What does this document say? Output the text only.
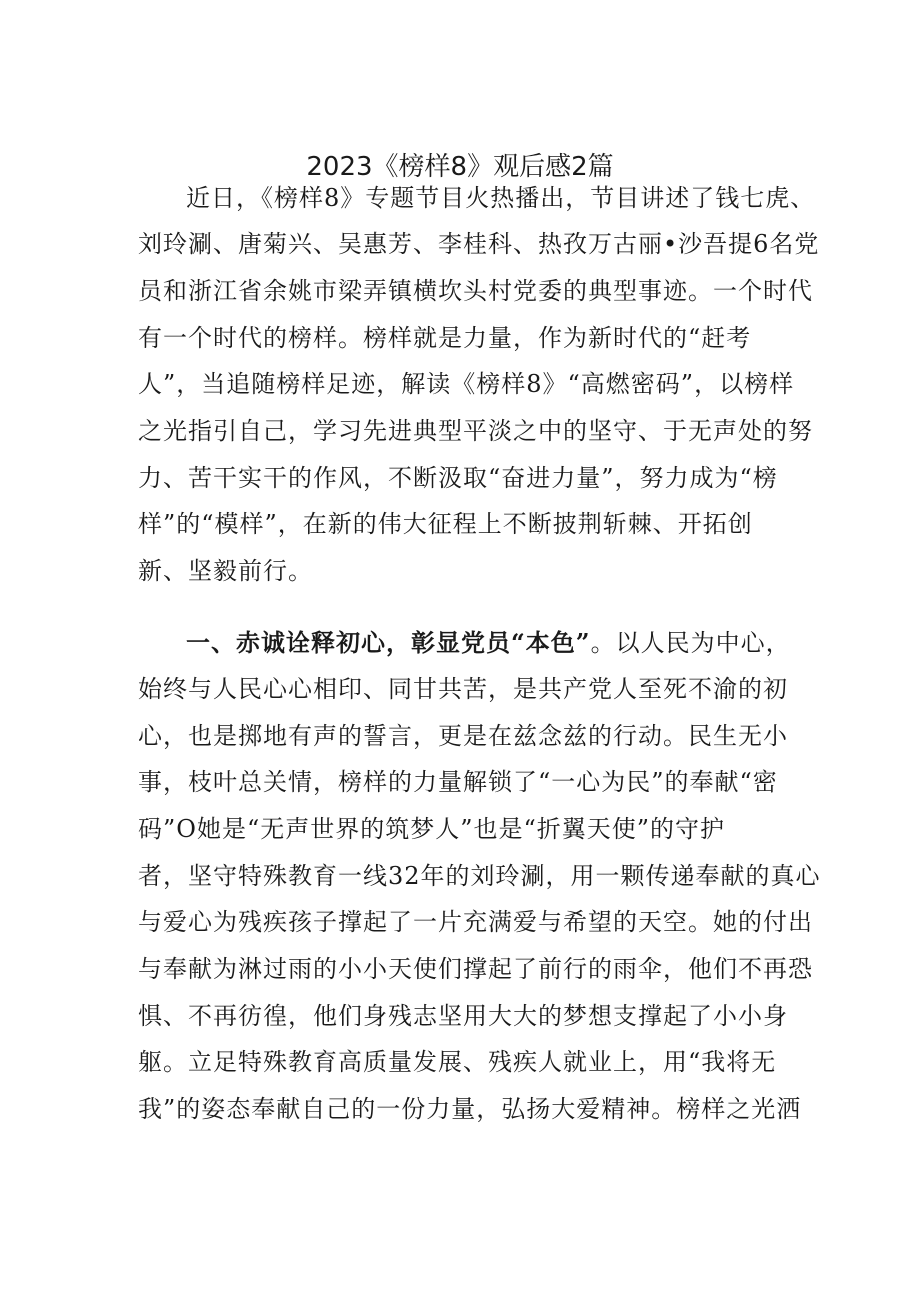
2023《榜样8》观后感2篇
近日，《榜样8》专题节目火热播出，节目讲述了钱七虎、
刘玲涮、唐菊兴、吴惠芳、李桂科、热孜万古丽•沙吾提6名党
员和浙江省余姚市梁弄镇横坎头村党委的典型事迹。一个时代
有一个时代的榜样。榜样就是力量，作为新时代的“赶考
人”，当追随榜样足迹，解读《榜样8》“高燃密码”，以榜样
之光指引自己，学习先进典型平淡之中的坚守、于无声处的努
力、苦干实干的作风，不断汲取“奋进力量”，努力成为“榜
样”的“模样”，在新的伟大征程上不断披荆斩棘、开拓创
新、坚毅前行。
一、赤诚诠释初心，彰显党员“本色”。以人民为中心，
始终与人民心心相印、同甘共苦，是共产党人至死不渝的初
心，也是掷地有声的誓言，更是在兹念兹的行动。民生无小
事，枝叶总关情，榜样的力量解锁了“一心为民”的奉献“密
码”O她是“无声世界的筑梦人”也是“折翼天使”的守护
者，坚守特殊教育一线32年的刘玲涮，用一颗传递奉献的真心
与爱心为残疾孩子撑起了一片充满爱与希望的天空。她的付出
与奉献为淋过雨的小小天使们撑起了前行的雨伞，他们不再恐
惧、不再彷徨，他们身残志坚用大大的梦想支撑起了小小身
躯。立足特殊教育高质量发展、残疾人就业上，用“我将无
我”的姿态奉献自己的一份力量，弘扬大爱精神。榜样之光洒
